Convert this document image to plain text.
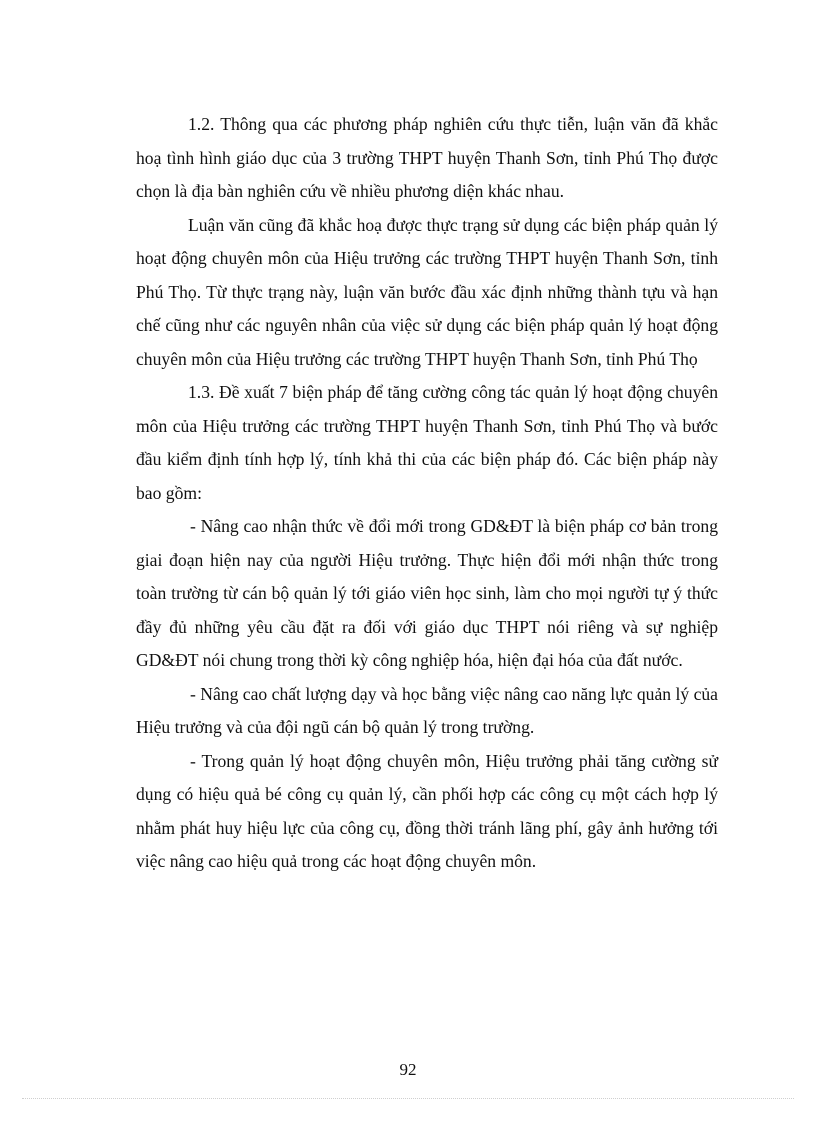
1.2. Thông qua các phương pháp nghiên cứu thực tiễn, luận văn đã khắc hoạ tình hình giáo dục của 3 trường THPT huyện Thanh Sơn, tỉnh Phú Thọ được chọn là địa bàn nghiên cứu về nhiều phương diện khác nhau.

Luận văn cũng đã khắc hoạ được thực trạng sử dụng các biện pháp quản lý hoạt động chuyên môn của Hiệu trưởng các trường THPT huyện Thanh Sơn, tỉnh Phú Thọ. Từ thực trạng này, luận văn bước đầu xác định những thành tựu và hạn chế cũng như các nguyên nhân của việc sử dụng các biện pháp quản lý hoạt động chuyên môn của Hiệu trưởng các trường THPT huyện Thanh Sơn, tỉnh Phú Thọ

1.3. Đề xuất 7 biện pháp để tăng cường công tác quản lý hoạt động chuyên môn của Hiệu trưởng các trường THPT huyện Thanh Sơn, tỉnh Phú Thọ và bước đầu kiểm định tính hợp lý, tính khả thi của các biện pháp đó. Các biện pháp này bao gồm:

- Nâng cao nhận thức về đổi mới trong GD&ĐT là biện pháp cơ bản trong giai đoạn hiện nay của người Hiệu trưởng. Thực hiện đổi mới nhận thức trong toàn trường từ cán bộ quản lý tới giáo viên học sinh, làm cho mọi người tự ý thức đầy đủ những yêu cầu đặt ra đối với giáo dục THPT nói riêng và sự nghiệp GD&ĐT nói chung trong thời kỳ công nghiệp hóa, hiện đại hóa của đất nước.

- Nâng cao chất lượng dạy và học bằng việc nâng cao năng lực quản lý của Hiệu trưởng và của đội ngũ cán bộ quản lý trong trường.

- Trong quản lý hoạt động chuyên môn, Hiệu trưởng phải tăng cường sử dụng có hiệu quả bé công cụ quản lý, cần phối hợp các công cụ một cách hợp lý nhằm phát huy hiệu lực của công cụ, đồng thời tránh lãng phí, gây ảnh hưởng tới việc nâng cao hiệu quả trong các hoạt động chuyên môn.

92
